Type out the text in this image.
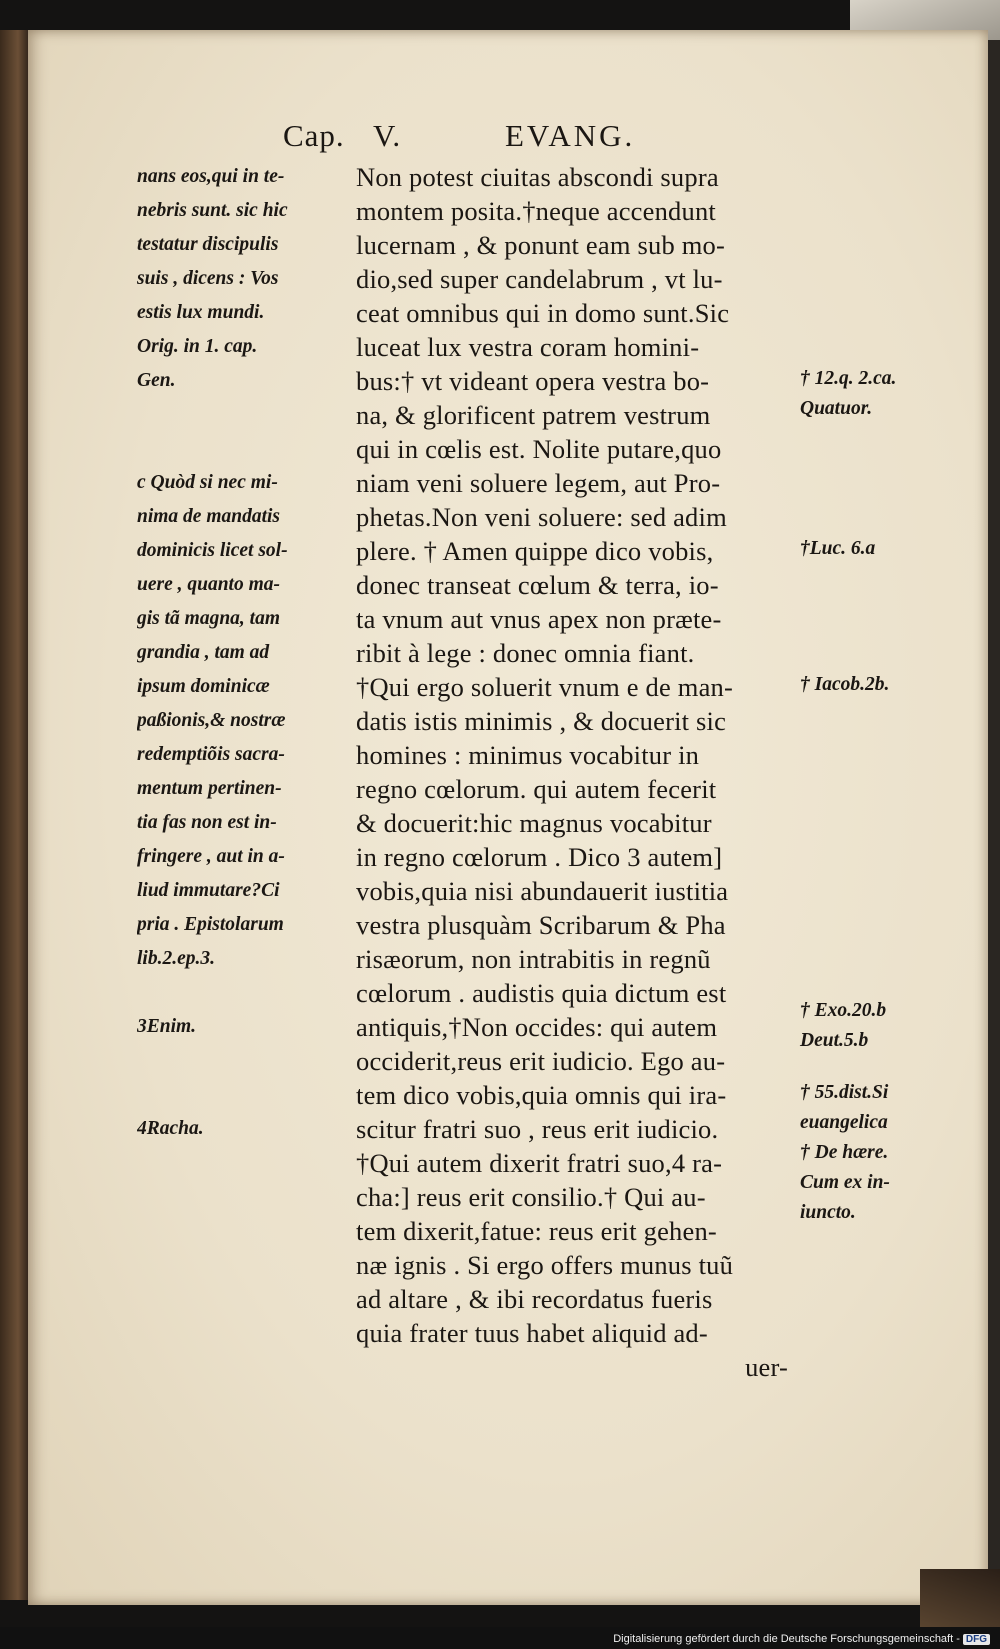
Cap. V.	EVANG.
nans eos,qui in te-
nebris sunt. sic hic
testatur discipulis
suis , dicens : Vos
estis lux mundi.
Orig. in 1. cap.
Gen.
c Quòd si nec mi-
nima de mandatis
dominicis licet sol-
uere , quanto ma-
gis tã magna, tam
grandia , tam ad
ipsum dominicæ
paßionis,& nostræ
redemptiõis sacra-
mentum pertinen-
tia fas non est in-
fringere , aut in a-
liud immutare?Ci
pria . Epistolarum
lib.2.ep.3.
3Enim.
4Racha.
Non potest ciuitas abscondi supra
montem posita.†neque accendunt
lucernam , & ponunt eam sub mo-
dio,sed super candelabrum , vt lu-
ceat omnibus qui in domo sunt.Sic
luceat lux vestra coram homini-
bus:† vt videant opera vestra bo-
na, & glorificent patrem vestrum
qui in cœlis est. Nolite putare,quo
niam veni soluere legem, aut Pro-
phetas.Non veni soluere: sed adim
plere. † Amen quippe dico vobis,
donec transeat cœlum & terra, io-
ta vnum aut vnus apex non præte-
ribit à lege : donec omnia fiant.
†Qui ergo soluerit vnum e de man-
datis istis minimis , & docuerit sic
homines : minimus vocabitur in
regno cœlorum. qui autem fecerit
& docuerit:hic magnus vocabitur
in regno cœlorum . Dico 3 autem]
vobis,quia nisi abundauerit iustitia
vestra plusquàm Scribarum & Pha
risæorum, non intrabitis in regnũ
cœlorum . audistis quia dictum est
antiquis,†Non occides: qui autem
occiderit,reus erit iudicio. Ego au-
tem dico vobis,quia omnis qui ira-
scitur fratri suo , reus erit iudicio.
†Qui autem dixerit fratri suo,4 ra-
cha:] reus erit consilio.† Qui au-
tem dixerit,fatue: reus erit gehen-
næ ignis . Si ergo offers munus tuũ
ad altare , & ibi recordatus fueris
quia frater tuus habet aliquid ad-
uer-
† 12.q. 2.ca.
Quatuor.
†Luc. 6.a
† Iacob.2b.
† Exo.20.b
Deut.5.b
† 55.dist.Si
euangelica
† De hære.
Cum ex in-
iuncto.
Digitalisierung gefördert durch die Deutsche Forschungsgemeinschaft - DFG
